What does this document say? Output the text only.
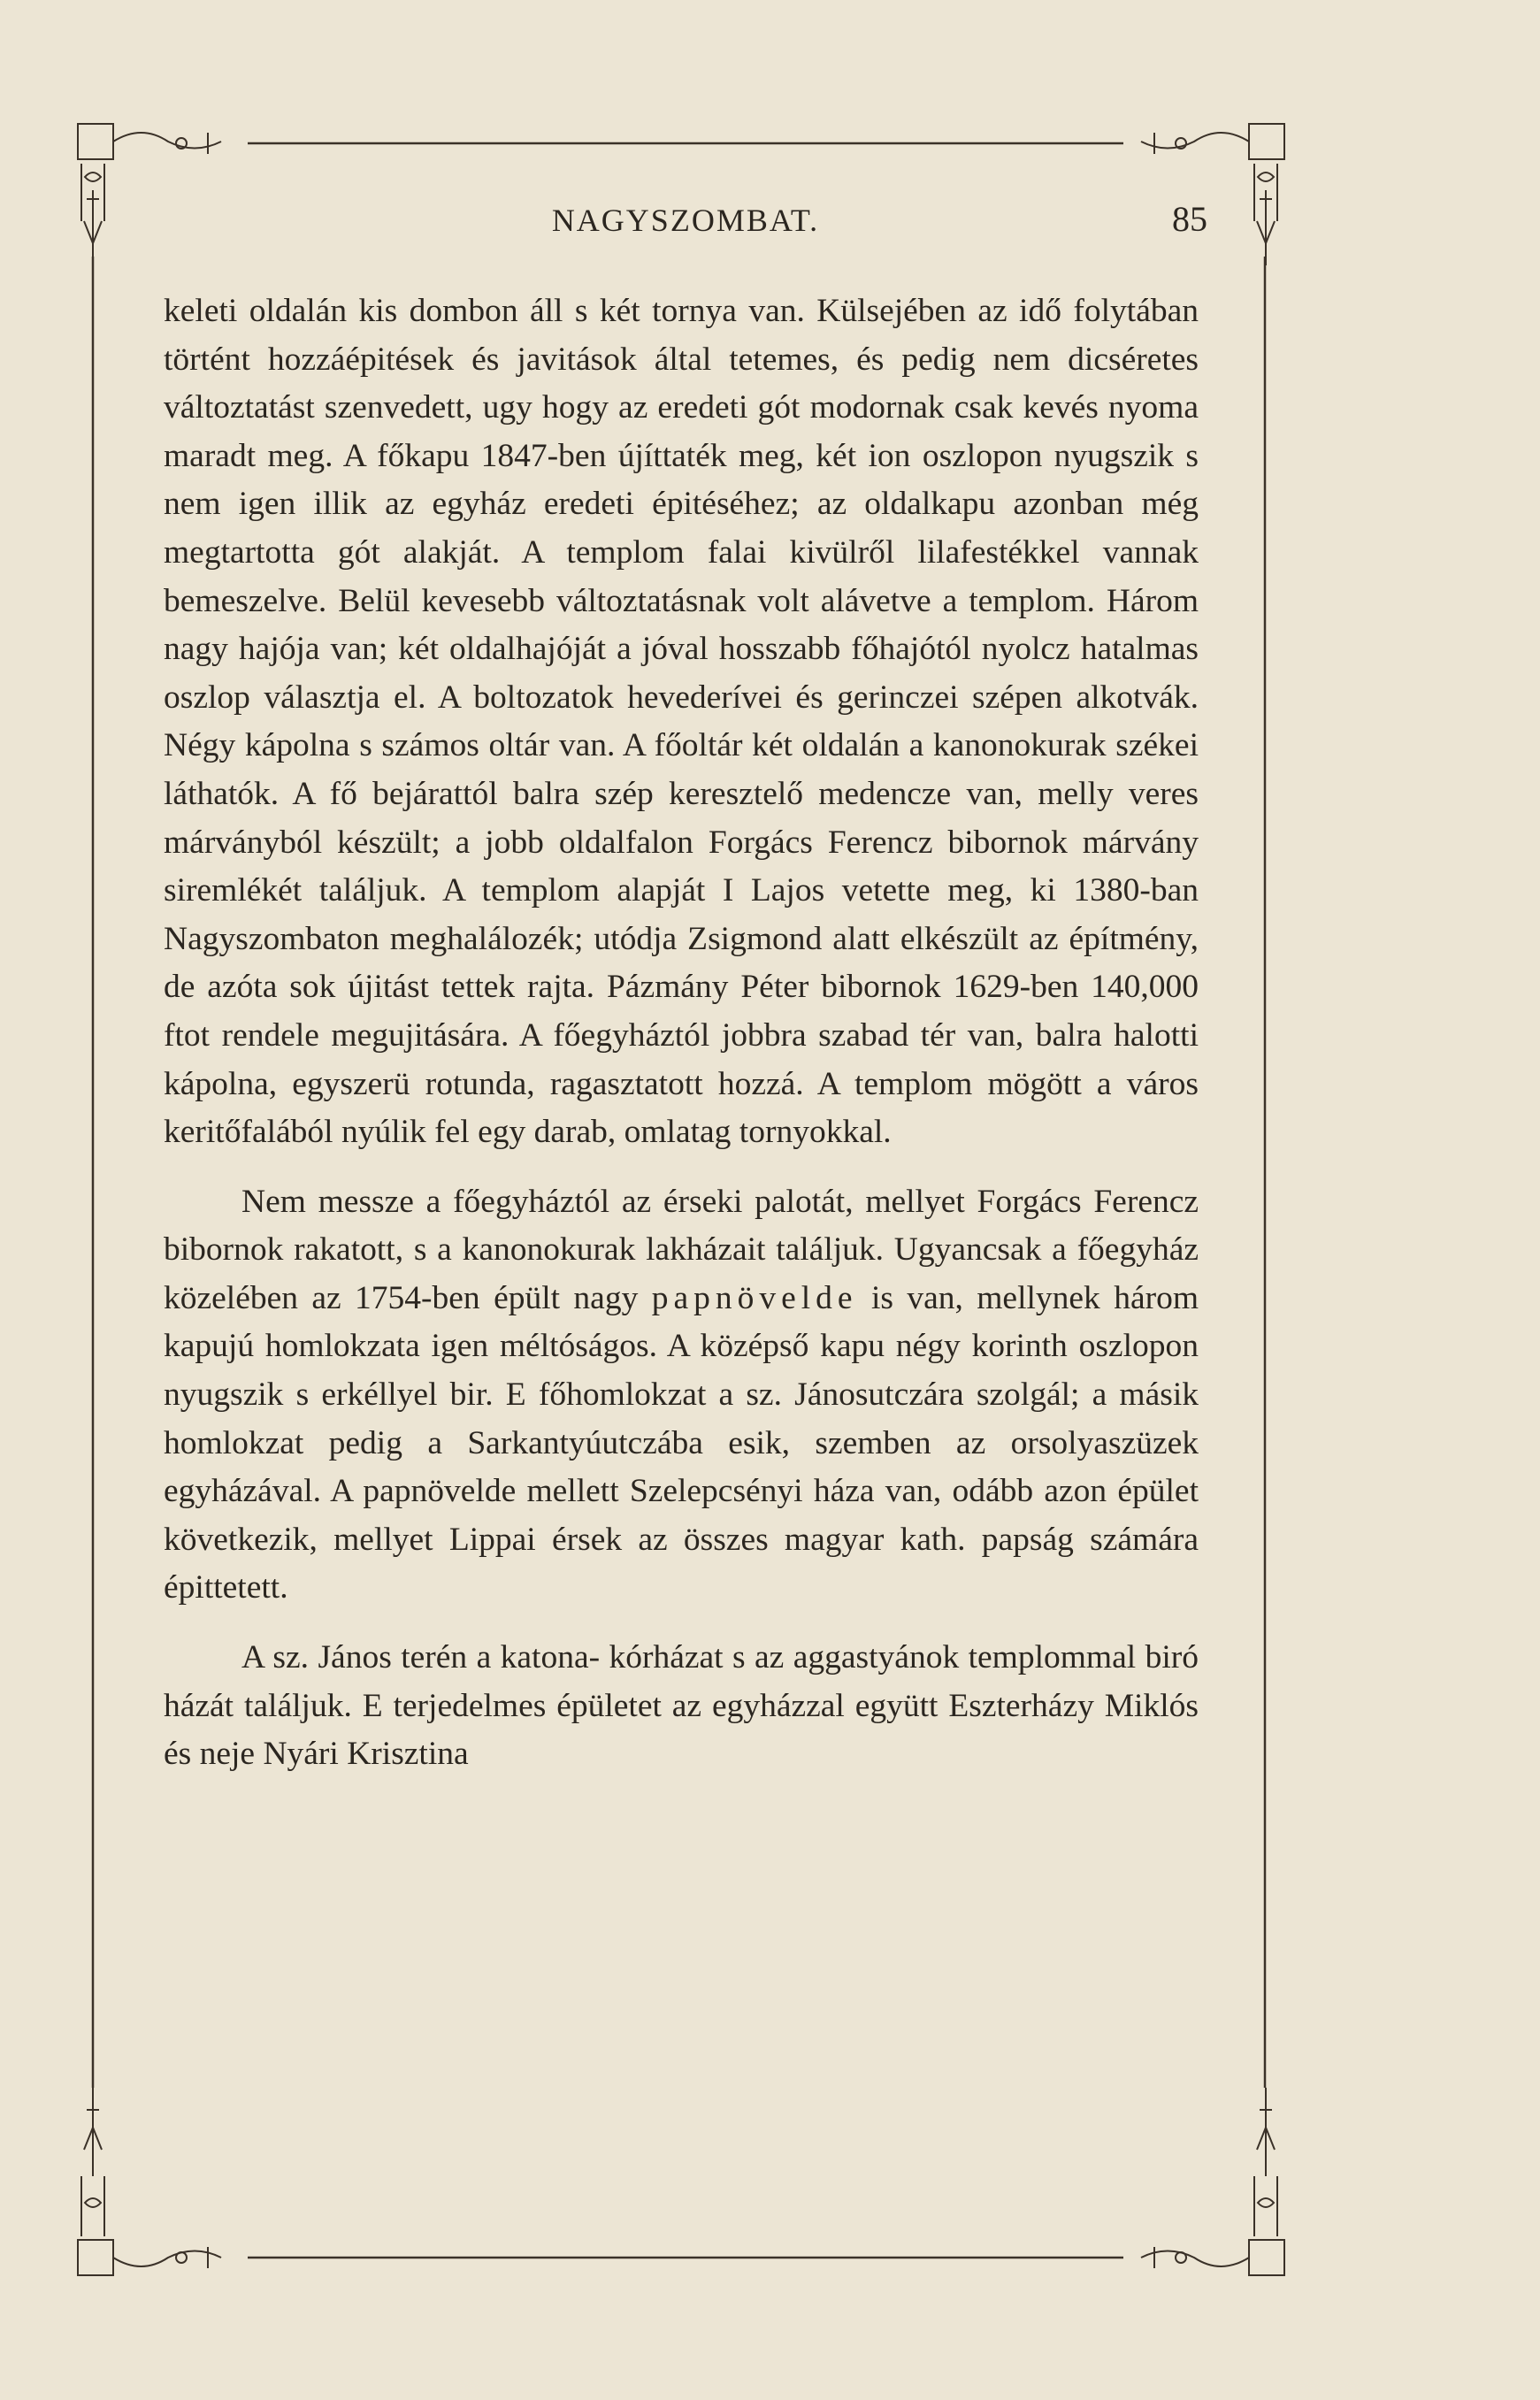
NAGYSZOMBAT.	85

keleti oldalán kis dombon áll s két tornya van. Külsejében az idő folytában történt hozzáépitések és javitások által tetemes, és pedig nem dicséretes változtatást szenvedett, ugy hogy az eredeti gót modornak csak kevés nyoma maradt meg. A főkapu 1847-ben újíttaték meg, két ion oszlopon nyugszik s nem igen illik az egyház eredeti épitéséhez; az oldalkapu azonban még megtartotta gót alakját. A templom falai kivülről lilafestékkel vannak bemeszelve. Belül kevesebb változtatásnak volt alávetve a templom. Három nagy hajója van; két oldalhajóját a jóval hosszabb főhajótól nyolcz hatalmas oszlop választja el. A boltozatok hevederívei és gerinczei szépen alkotvák. Négy kápolna s számos oltár van. A főoltár két oldalán a kanonokurak székei láthatók. A fő bejárattól balra szép keresztelő medencze van, melly veres márványból készült; a jobb oldalfalon Forgács Ferencz bibornok márvány siremlékét találjuk. A templom alapját I Lajos vetette meg, ki 1380-ban Nagyszombaton meghalálozék; utódja Zsigmond alatt elkészült az építmény, de azóta sok újitást tettek rajta. Pázmány Péter bibornok 1629-ben 140,000 ftot rendele megujitására. A főegyháztól jobbra szabad tér van, balra halotti kápolna, egyszerü rotunda, ragasztatott hozzá. A templom mögött a város keritőfalából nyúlik fel egy darab, omlatag tornyokkal.

Nem messze a főegyháztól az érseki palotát, mellyet Forgács Ferencz bibornok rakatott, s a kanonokurak lakházait találjuk. Ugyancsak a főegyház közelében az 1754-ben épült nagy papnövelde is van, mellynek három kapujú homlokzata igen méltóságos. A középső kapu négy korinth oszlopon nyugszik s erkéllyel bir. E főhomlokzat a sz. Jánosutczára szolgál; a másik homlokzat pedig a Sarkantyúutczába esik, szemben az orsolyaszüzek egyházával. A papnövelde mellett Szelepcsényi háza van, odább azon épület következik, mellyet Lippai érsek az összes magyar kath. papság számára épittetett.

A sz. János terén a katona- kórházat s az aggastyánok templommal biró házát találjuk. E terjedelmes épületet az egyházzal együtt Eszterházy Miklós és neje Nyári Krisztina
